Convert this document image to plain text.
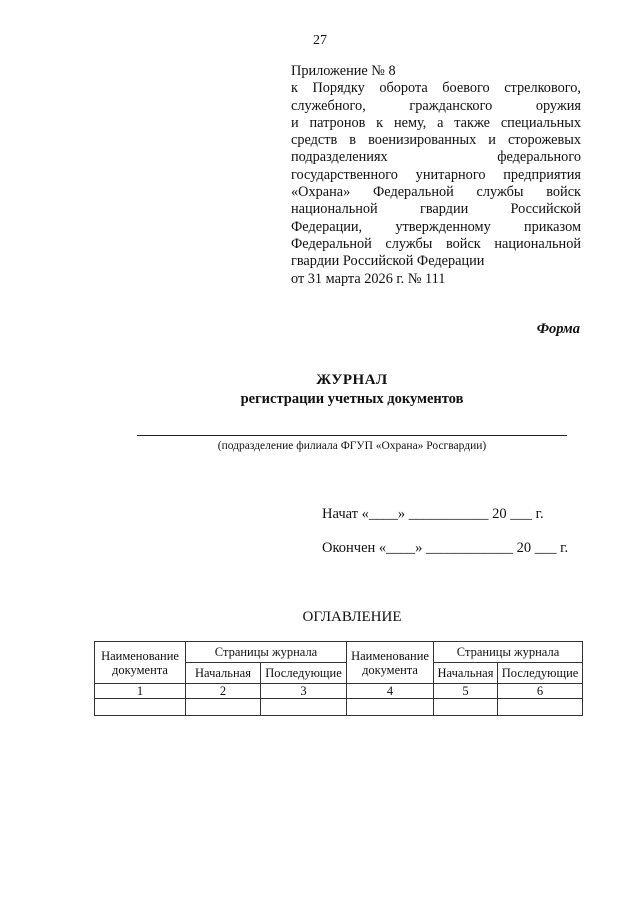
27
Приложение № 8
к Порядку оборота боевого стрелкового,
служебного, гражданского оружия
и патронов к нему, а также специальных
средств в военизированных и сторожевых
подразделениях федерального
государственного унитарного предприятия
«Охрана» Федеральной службы войск
национальной гвардии Российской
Федерации, утвержденному приказом
Федеральной службы войск национальной
гвардии Российской Федерации
от 31 марта 2026 г. № 111
Форма
ЖУРНАЛ
регистрации учетных документов
(подразделение филиала ФГУП «Охрана» Росгвардии)
Начат «____» ___________ 20 ___ г.
Окончен «____» ____________ 20 ___ г.
ОГЛАВЛЕНИЕ
Наименование документа	Страницы журнала		Наименование документа	Страницы журнала	
	Начальная	Последующие		Начальная	Последующие
1	2	3	4	5	6
